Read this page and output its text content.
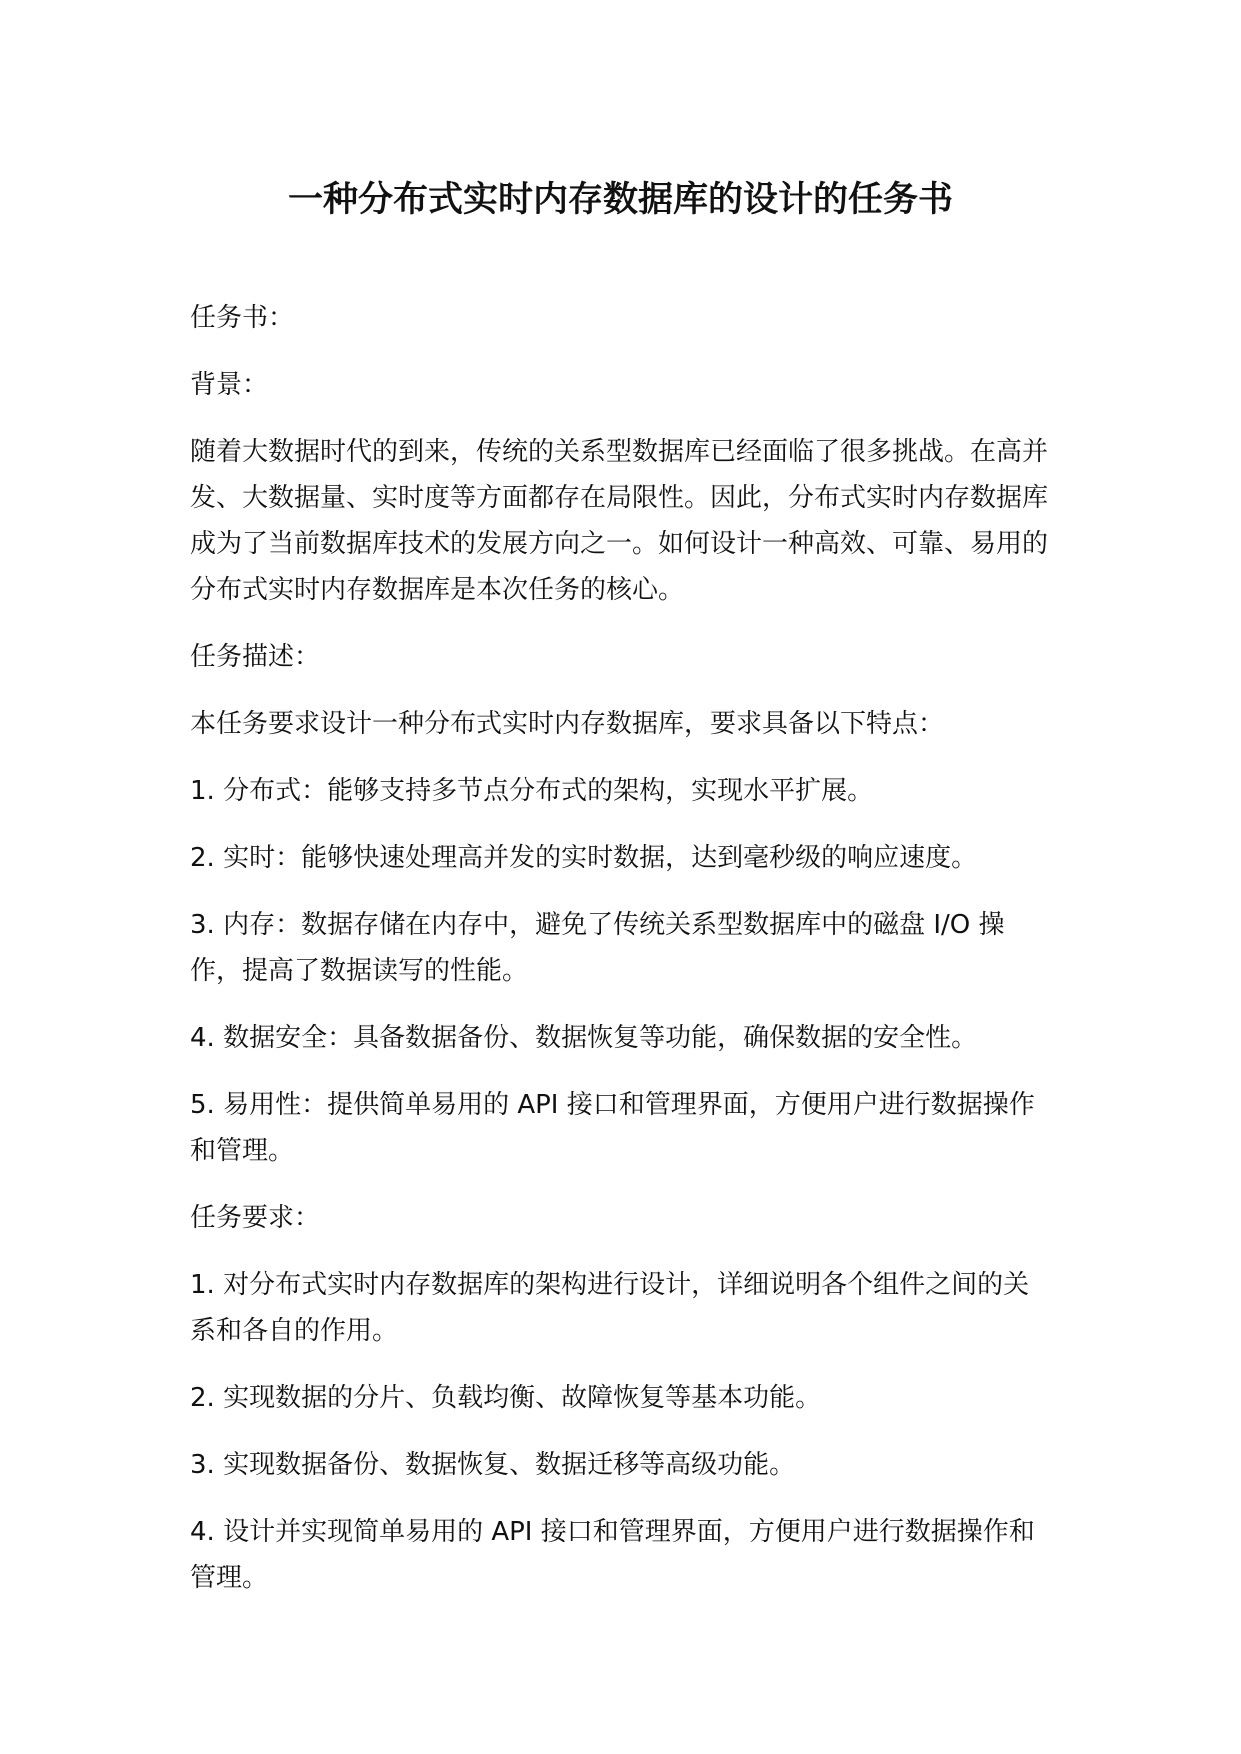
一种分布式实时内存数据库的设计的任务书

任务书：

背景：

随着大数据时代的到来，传统的关系型数据库已经面临了很多挑战。在高并发、大数据量、实时度等方面都存在局限性。因此，分布式实时内存数据库成为了当前数据库技术的发展方向之一。如何设计一种高效、可靠、易用的分布式实时内存数据库是本次任务的核心。

任务描述：

本任务要求设计一种分布式实时内存数据库，要求具备以下特点：

1. 分布式：能够支持多节点分布式的架构，实现水平扩展。

2. 实时：能够快速处理高并发的实时数据，达到毫秒级的响应速度。

3. 内存：数据存储在内存中，避免了传统关系型数据库中的磁盘 I/O 操作，提高了数据读写的性能。

4. 数据安全：具备数据备份、数据恢复等功能，确保数据的安全性。

5. 易用性：提供简单易用的 API 接口和管理界面，方便用户进行数据操作和管理。

任务要求：

1. 对分布式实时内存数据库的架构进行设计，详细说明各个组件之间的关系和各自的作用。

2. 实现数据的分片、负载均衡、故障恢复等基本功能。

3. 实现数据备份、数据恢复、数据迁移等高级功能。

4. 设计并实现简单易用的 API 接口和管理界面，方便用户进行数据操作和管理。
